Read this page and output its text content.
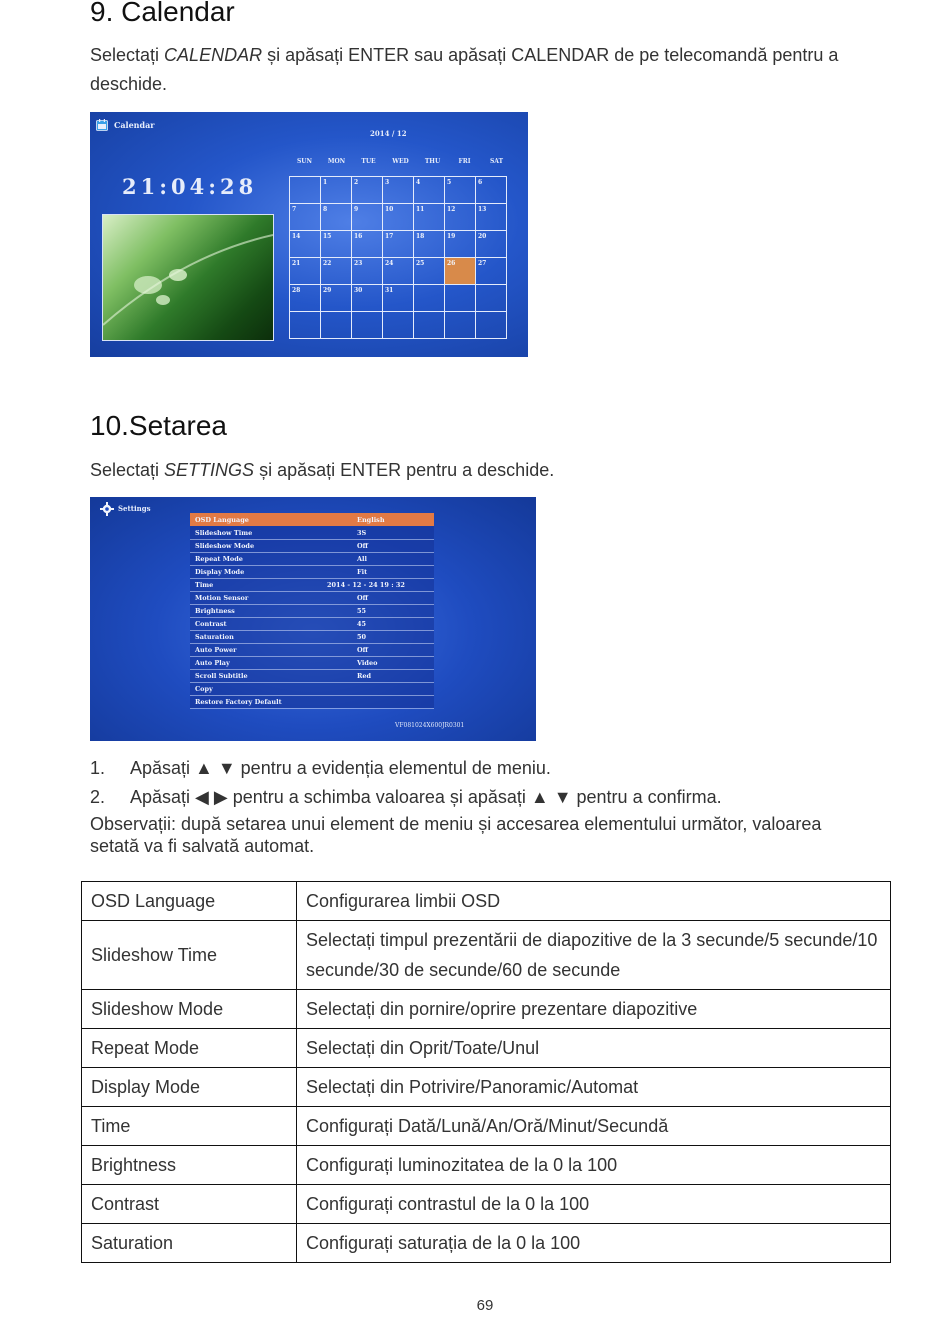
9. Calendar
Selectați CALENDAR și apăsați ENTER sau apăsați CALENDAR de pe telecomandă pentru a deschide.
Calendar
21:04:28
2014 / 12
SUN	MON	TUE	WED	THU	FRI	SAT

	1	2	3	4	5	6

7	8	9	10	11	12	13

14	15	16	17	18	19	20

21	22	23	24	25	26	27

28	29	30	31			

10.Setarea
Selectați SETTINGS și apăsați ENTER pentru a deschide.
Settings
OSD Language	English
Slideshow Time	3S
Slideshow Mode	Off
Repeat Mode	All
Display Mode	Fit
Time	2014 - 12 - 24 19 : 32
Motion Sensor	Off
Brightness	55
Contrast	45
Saturation	50
Auto Power	Off
Auto Play	Video
Scroll Subtitle	Red
Copy
Restore Factory Default
VF081024X600JR0301
1. Apăsați ▲ ▼ pentru a evidenția elementul de meniu.
2. Apăsați ◀ ▶ pentru a schimba valoarea și apăsați ▲ ▼ pentru a confirma.
Observații: după setarea unui element de meniu și accesarea elementului următor, valoarea setată va fi salvată automat.
OSD Language	Configurarea limbii OSD
Slideshow Time	Selectați timpul prezentării de diapozitive de la 3 secunde/5 secunde/10 secunde/30 de secunde/60 de secunde
Slideshow Mode	Selectați din pornire/oprire prezentare diapozitive
Repeat Mode	Selectați din Oprit/Toate/Unul
Display Mode	Selectați din Potrivire/Panoramic/Automat
Time	Configurați Dată/Lună/An/Oră/Minut/Secundă
Brightness	Configurați luminozitatea de la 0 la 100
Contrast	Configurați contrastul de la 0 la 100
Saturation	Configurați saturația de la 0 la 100
69
